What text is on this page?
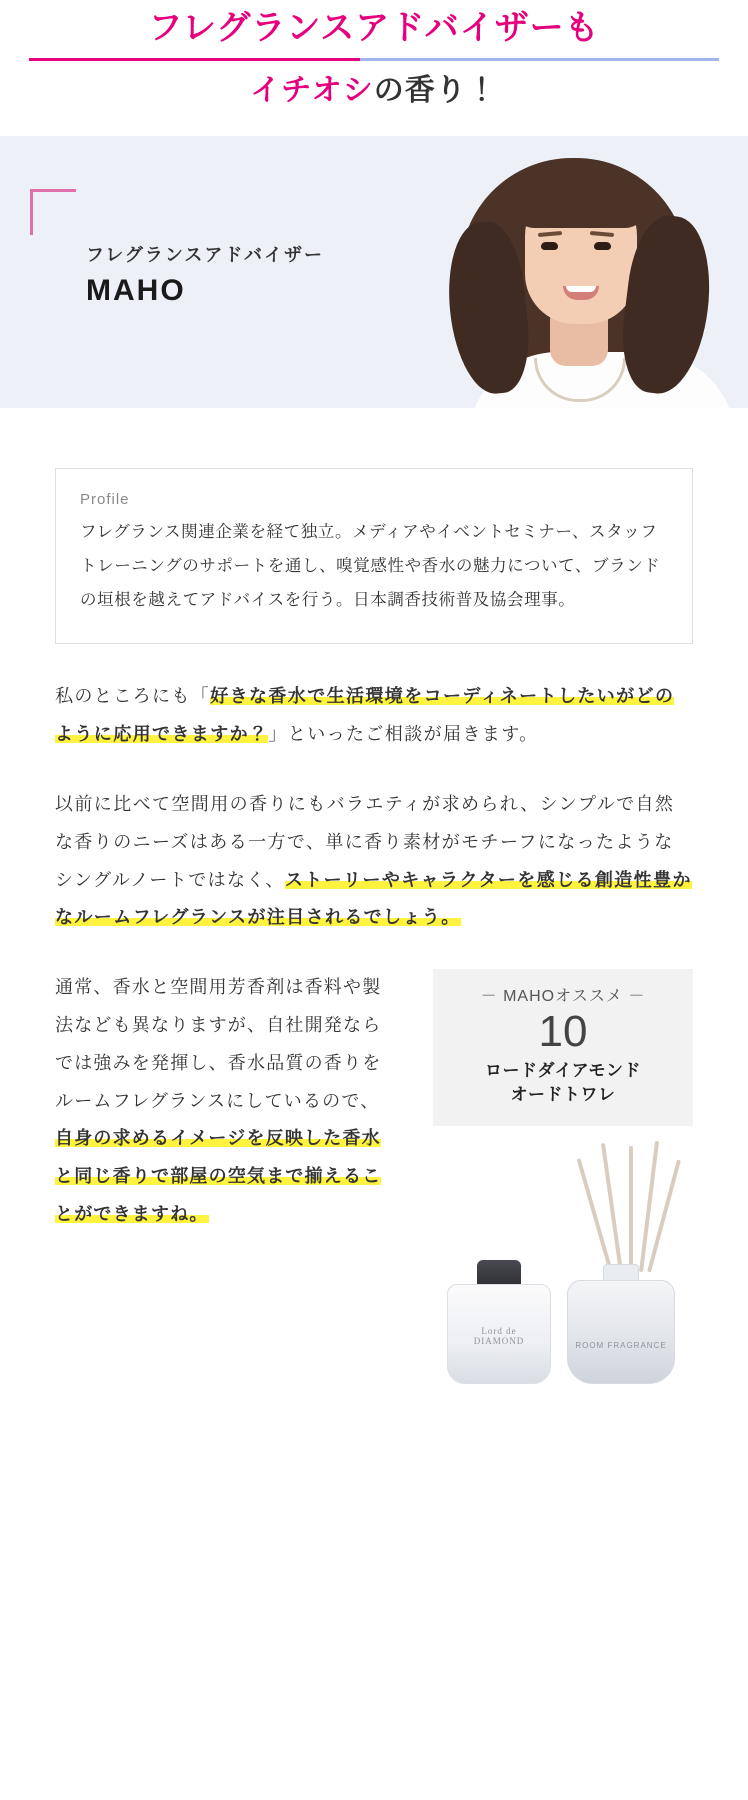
フレグランスアドバイザーも
イチオシの香り！
フレグランスアドバイザー
MAHO
Profile
フレグランス関連企業を経て独立。メディアやイベントセミナー、スタッフトレーニングのサポートを通し、嗅覚感性や香水の魅力について、ブランドの垣根を越えてアドバイスを行う。日本調香技術普及協会理事。

私のところにも「好きな香水で生活環境をコーディネートしたいがどのように応用できますか？」といったご相談が届きます。

以前に比べて空間用の香りにもバラエティが求められ、シンプルで自然な香りのニーズはある一方で、単に香り素材がモチーフになったようなシングルノートではなく、ストーリーやキャラクターを感じる創造性豊かなルームフレグランスが注目されるでしょう。

通常、香水と空間用芳香剤は香料や製法なども異なりますが、自社開発ならでは強みを発揮し、香水品質の香りをルームフレグランスにしているので、自身の求めるイメージを反映した香水と同じ香りで部屋の空気まで揃えることができますね。
－ MAHOオススメ －
10
ロードダイアモンド
オードトワレ
ROOM FRAGRANCE
Lord de DIAMOND
